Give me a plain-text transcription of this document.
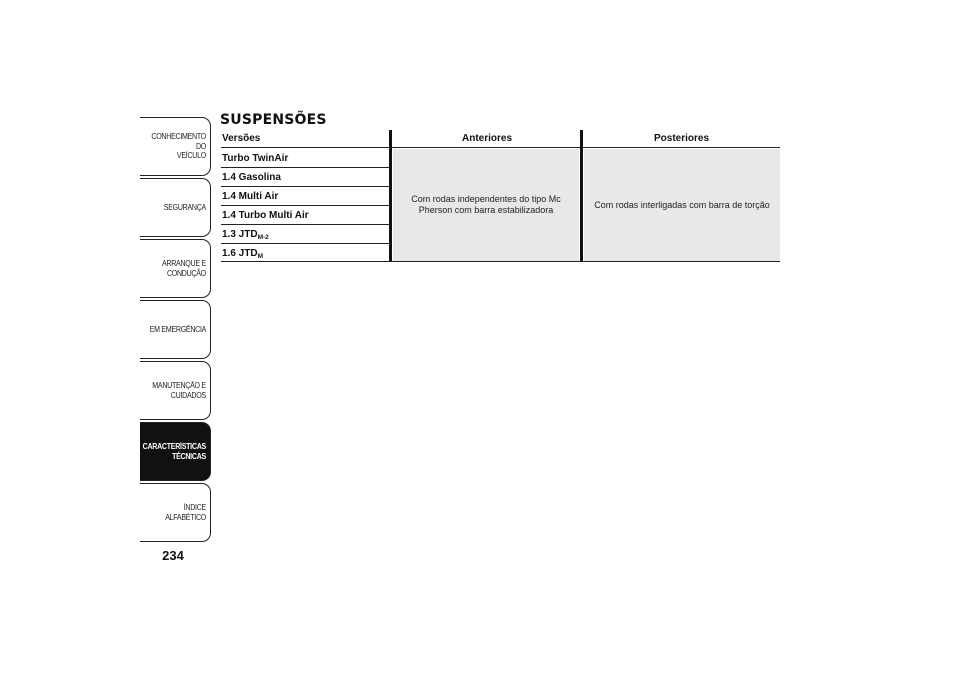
CONHECIMENTO DO
VEÍCULO
SEGURANÇA
ARRANQUE E
CONDUÇÃO
EM EMERGÊNCIA
MANUTENÇÃO E
CUIDADOS
CARACTERÍSTICAS
TÉCNICAS
ÍNDICE ALFABÉTICO
234
SUSPENSÕES
Versões	Anteriores	Posteriores
Com rodas independentes do tipo Mc Pherson com barra estabilizadora
Com rodas interligadas com barra de torção
Turbo TwinAir
1.4 Gasolina
1.4 Multi Air
1.4 Turbo Multi Air
1.3 $JTD_{M-2}$
1.6 $JTD_M$
